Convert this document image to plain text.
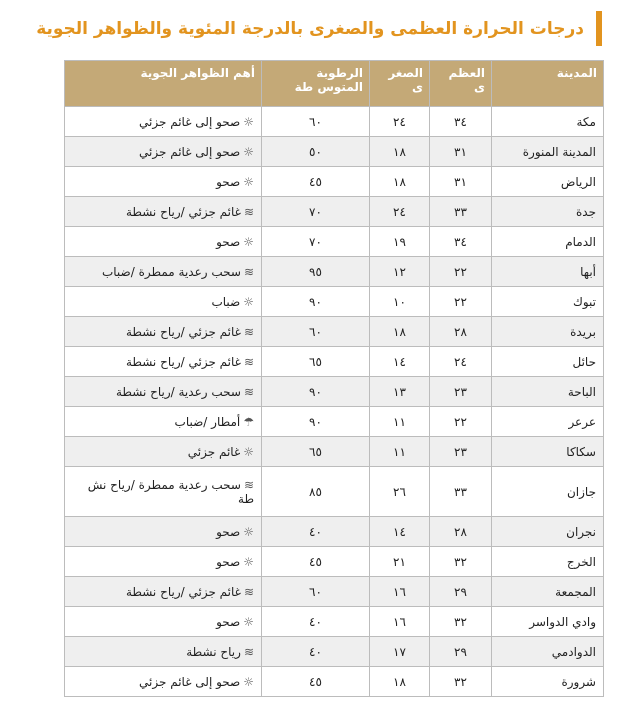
درجات الحرارة العظمى والصغرى بالدرجة المئوية والظواهر الجوية
المدينة	العظم ى	الصغر ى	الرطوبة المتوس طة	أهم الظواهر الجوية
مكة	٣٤	٢٤	٦٠	☼صحو إلى غائم جزئي
المدينة المنورة	٣١	١٨	٥٠	☼صحو إلى غائم جزئي
الرياض	٣١	١٨	٤٥	☼صحو
جدة	٣٣	٢٤	٧٠	≋غائم جزئي /رياح نشطة
الدمام	٣٤	١٩	٧٠	☼صحو
أبها	٢٢	١٢	٩٥	≋سحب رعدية ممطرة /ضباب
تبوك	٢٢	١٠	٩٠	☼ضباب
بريدة	٢٨	١٨	٦٠	≋غائم جزئي /رياح نشطة
حائل	٢٤	١٤	٦٥	≋غائم جزئي /رياح نشطة
الباحة	٢٣	١٣	٩٠	≋سحب رعدية /رياح نشطة
عرعر	٢٢	١١	٩٠	☂أمطار /ضباب
سكاكا	٢٣	١١	٦٥	☼غائم جزئي
جازان	٣٣	٢٦	٨٥	≋سحب رعدية ممطرة /رياح نش طة
نجران	٢٨	١٤	٤٠	☼صحو
الخرج	٣٢	٢١	٤٥	☼صحو
المجمعة	٢٩	١٦	٦٠	≋غائم جزئي /رياح نشطة
وادي الدواسر	٣٢	١٦	٤٠	☼صحو
الدوادمي	٢٩	١٧	٤٠	≋رياح نشطة
شرورة	٣٢	١٨	٤٥	☼صحو إلى غائم جزئي
